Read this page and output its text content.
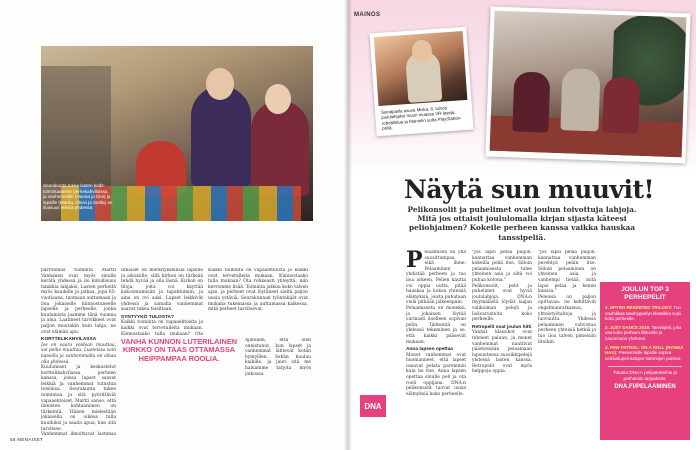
Seurakunta tukee lasten kodit-toimintaamme perhekahviloissa, ja vanhemmille (Hanna ja Dini) ja lapsille (Martta, Olivia ja Stella) on tilaisuus leikkiä yhdessä.
parronmiis toiminta Martti Vanhanen ovat myös sinulle kerätä yhdessä ja ilo kiitollisuus hankkia lahjaksi, Lasten perheitä myös kaudelle ja jatkaa, jopa 65-vuotiaana, tuomaan auttamaan ja iloa jokaiselle kiinnostuneelle lapselle ja perheelle, jonka kuulumista jaamme tänä vuonna ja aina. Laatineet tarvikkeet ovat paljon muutakin kuin lahja, ne ovat elämän apu.

KORTTELIKAHVILASSA
Jos on vaara voidaan muuttaa, voi pelko muuttaa. Luoteissa vain lapsella ja vanhemmalla on aikaa olla yhdessä.
Kuulumiset ja keskustelut korttelikahvilassa perheen kanssa, joissa lapset saavat leikkiä ja vanhemmat tutustua toisiinsa. Seurakunta tukee toimintaa ja sitä pyörittävät vapaaehtoiset. Martti sanoo, että ihmisten kohtaaminen on tärkeintä. Hänen mielestään jokaisella on oikeus tulla kuulluksi ja saada apua, kun sitä tarvitsee.
Vanhemmat ilmoittavat lastensa
Ilmaiset on merkityksellisiä lapsille ja aikuisille, sillä kirkon on tärkeää tehdä hyvää ja olla läsnä. Kirkon on tiloja, joita voi käyttää kokoontumisiin ja tapahtumiin, ja aina on ovi auki. Lapset leikkivät yhdessä ja samalla vanhemmat saavat tukea toisiltaan.

SYNTYYKÖ TULOSTA?
Kaikki toiminta on vapaaehtoista ja kaikki ovat tervetulleita mukaan. Kiinnostaako tulla mukaan? Ota
Kaikki toiminta on vapaaehtoista ja kaikki ovat tervetulleita mukaan. Kiinnostaako tulla mukaan? Ota rohkeasti yhteyttä, niin kerromme lisää. Toiminta jatkuu koko talven ajan, ja perheet ovat löytäneet sieltä paljon uusia ystäviä. Seurakunnan työntekijät ovat mukana tukemassa ja auttamassa kaikessa, mitä perheet tarvitsevat.
VANHA KUNNON LUTERILAINEN KIRKKO ON TAAS OTTAMASSA HEIPPAMPAA ROOLIA.
Ajatellen, että olen onnistunut, kun lapset ja vanhemmat lähtevät kotiin hymyillen. Sehän kuuluu kaikille, ja juuri sitä me haluamme tarjota myös jatkossa.
56 MENAISET
MAINOS
Seinäjoella asuva Miska, 6, toivoo joululahjaksi muun muassa VR-laseja, robottilelua ja Marvelin uutta PlayStation-peliä.
Näytä sun muuvit!
Pelikonsolit ja puhelimet ovat joulun toivottuja lahjoja. Mitä jos ottaisit joululomalla kirjan sijasta käteesi peliohjaimen? Kokeile perheen kanssa vaikka hauskaa tanssipeliä.
Pelaamisen on yhä suosittumpaa, eikä ihme: Pelaaminen yhdistää perheen ja tuo iloa arkeen. Pelien kautta voi oppia uutta, pitää hauskaa ja kokea yhteisiä elämyksiä, joista puhutaan vielä pitkään jälkeenpäin.
Pelaamisesta on moneksi, ja jokainen löytää varmasti itselleen sopivan pelin. Tärkeintä on yhdessä tekeminen ja se, että kaikki pääsevät mukaan.

Anna lapsen opettaa
Monet vanhemmat ovat huomanneet, että lapset osaavat pelata paremmin kuin he itse. Anna lapsen opettaa sinulle peli ja ota rooli oppijana. DNA:n pelikonsolit tuovat uusia elämyksiä koko perheelle.
"Jos lapsi pelaa paljon, kannattaa vanhemman kokeilla peliä itse. Silloin pelaamisesta tulee yhteinen asia ja siitä voi puhua kotona."
Pelikonsolit, pelit ja puhelimet ovat hyviä joululahjoja. DNA:n myymälästä löydät laajan valikoiman pelejä ja lisävarusteita koko perheelle.

Retropelit ovat joulun hitti
Vanhat klassikot ovat tehneet paluun, ja monet vanhemmat nauttivat päästessään pelaamaan lapsuutensa suosikkipelejä yhdessä lasten kanssa. Retropelit ovat myös helppoja oppia.
"Jos lapsi pelaa paljon, kannattaa vanhemman perehtyä peliin itse. Silloin pelaaminen on yhteinen asia, ja vanhempi tietää, mitä lapsi pelaa ja kenen kanssa."
Peleissä on paljon opittavaa: ne kehittävät ongelmanratkaisua, yhteistyötaitoja ja luovuutta. Yhdessä pelaaminen vahvistaa perheen yhteisiä hetkiä ja tuo iloa talven pimeisiin iltoihin.
DNA
JOULUN TOP 3 PERHEPELIT
1. SPYRO REIGNITED TRILOGY: Tuo vauhdikas tasohyppelyn klassikko sopii koko perheelle.
2. JUST DANCE 2019: Tanssipeli, joka saa koko perheen liikkeelle ja nauramaan yhdessä.
3. PAW PATROL: ON A ROLL (RYHMÄ HAU): Pienemmille lapsille sopiva seikkailupeli tuttujen hahmojen parissa.
Tutustu DNA:n pelipaketeihin ja parhaisiin tarjouksiin:
DNA.FI/PELAAMINEN
